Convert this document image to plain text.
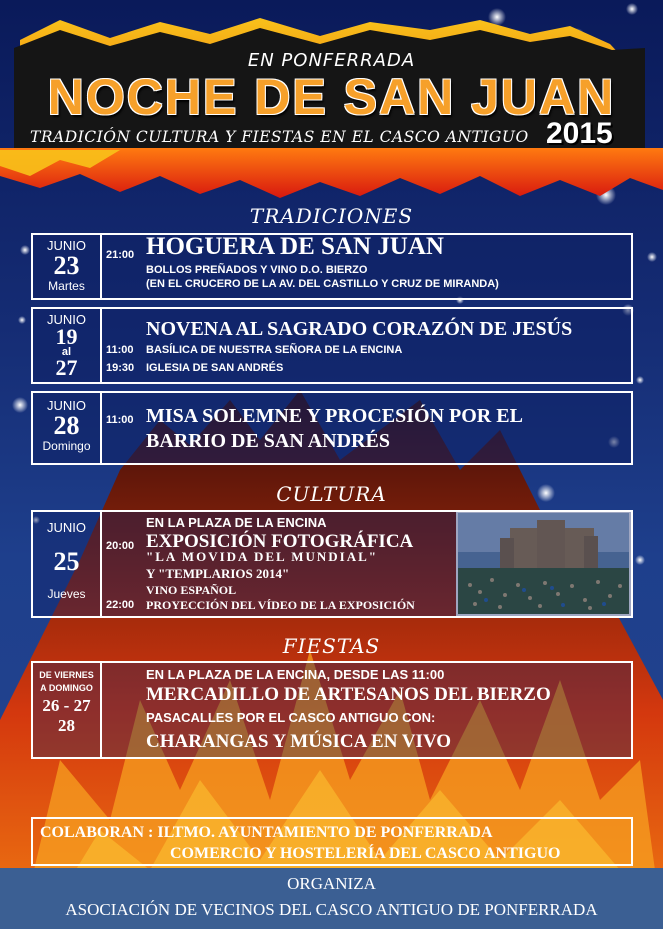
EN PONFERRADA
NOCHE DE SAN JUAN
TRADICIÓN CULTURA Y FIESTAS EN EL CASCO ANTIGUO 2015
TRADICIONES
JUNIO
23
Martes
21:00 HOGUERA DE SAN JUAN
BOLLOS PREÑADOS Y VINO D.O. BIERZO
(EN EL CRUCERO DE LA AV. DEL CASTILLO Y CRUZ DE MIRANDA)
JUNIO
19
al
27
NOVENA AL SAGRADO CORAZÓN DE JESÚS
11:00 BASÍLICA DE NUESTRA SEÑORA DE LA ENCINA
19:30 IGLESIA DE SAN ANDRÉS
JUNIO
28
Domingo
11:00 MISA SOLEMNE Y PROCESIÓN POR EL
BARRIO DE SAN ANDRÉS
CULTURA
JUNIO
25
Jueves
EN LA PLAZA DE LA ENCINA
20:00 EXPOSICIÓN FOTOGRÁFICA
"LA MOVIDA DEL MUNDIAL"
Y "TEMPLARIOS 2014"
VINO ESPAÑOL
22:00 PROYECCIÓN DEL VÍDEO DE LA EXPOSICIÓN
FIESTAS
DE VIERNES
A DOMINGO
26 - 27
28
EN LA PLAZA DE LA ENCINA, DESDE LAS 11:00
MERCADILLO DE ARTESANOS DEL BIERZO
PASACALLES POR EL CASCO ANTIGUO CON:
CHARANGAS Y MÚSICA EN VIVO
COLABORAN : ILTMO. AYUNTAMIENTO DE PONFERRADA
COMERCIO Y HOSTELERÍA DEL CASCO ANTIGUO
ORGANIZA
ASOCIACIÓN DE VECINOS DEL CASCO ANTIGUO DE PONFERRADA
